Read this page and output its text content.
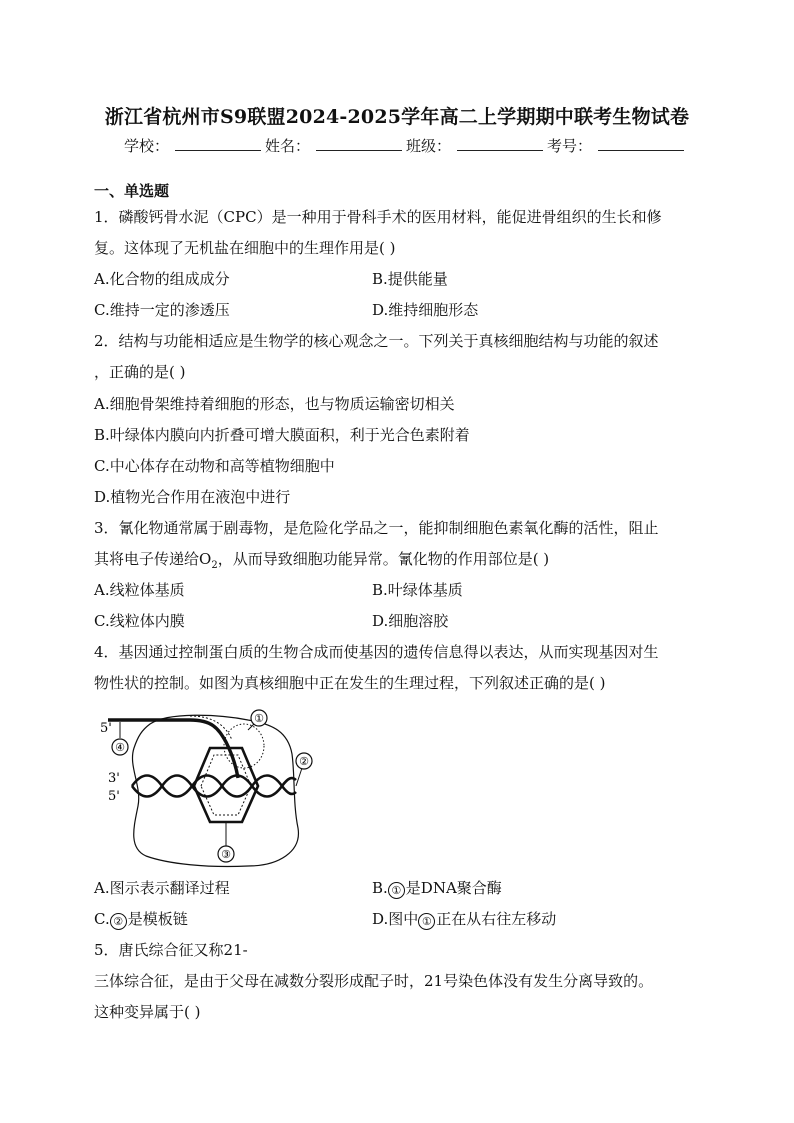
浙江省杭州市S9联盟2024-2025学年高二上学期期中联考生物试卷
学校：	姓名：	班级：	考号：
一、单选题
1．磷酸钙骨水泥（CPC）是一种用于骨科手术的医用材料，能促进骨组织的生长和修
复。这体现了无机盐在细胞中的生理作用是( )
A.化合物的组成成分	B.提供能量
C.维持一定的渗透压	D.维持细胞形态
2．结构与功能相适应是生物学的核心观念之一。下列关于真核细胞结构与功能的叙述
，正确的是( )
A.细胞骨架维持着细胞的形态，也与物质运输密切相关
B.叶绿体内膜向内折叠可增大膜面积，利于光合色素附着
C.中心体存在动物和高等植物细胞中
D.植物光合作用在液泡中进行
3．氰化物通常属于剧毒物，是危险化学品之一，能抑制细胞色素氧化酶的活性，阻止
其将电子传递给$O_2$，从而导致细胞功能异常。氰化物的作用部位是( )
A.线粒体基质	B.叶绿体基质
C.线粒体内膜	D.细胞溶胶
4．基因通过控制蛋白质的生物合成而使基因的遗传信息得以表达，从而实现基因对生
物性状的控制。如图为真核细胞中正在发生的生理过程，下列叙述正确的是( )
5'
3'
5'
①
②
③
④
A.图示表示翻译过程	B. ① 是DNA聚合酶
C. ② 是模板链	D.图中 ① 正在从右往左移动
5．唐氏综合征又称21-
三体综合征，是由于父母在减数分裂形成配子时，21号染色体没有发生分离导致的。
这种变异属于( )
